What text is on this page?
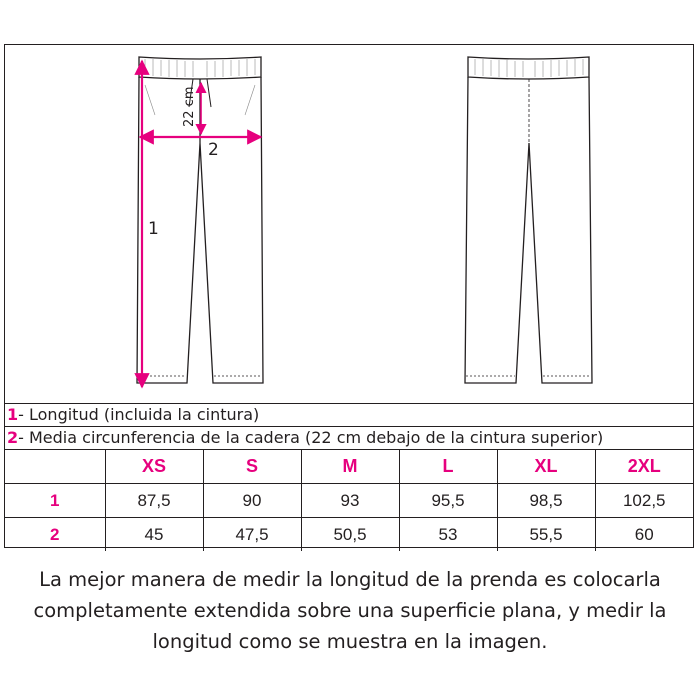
1
22 cm
2
1- Longitud (incluida la cintura)
2- Media circunferencia de la cadera (22 cm debajo de la cintura superior)
	XS	S	M	L	XL	2XL
1	87,5	90	93	95,5	98,5	102,5
2	45	47,5	50,5	53	55,5	60
La mejor manera de medir la longitud de la prenda es colocarla
completamente extendida sobre una superficie plana, y medir la
longitud como se muestra en la imagen.
